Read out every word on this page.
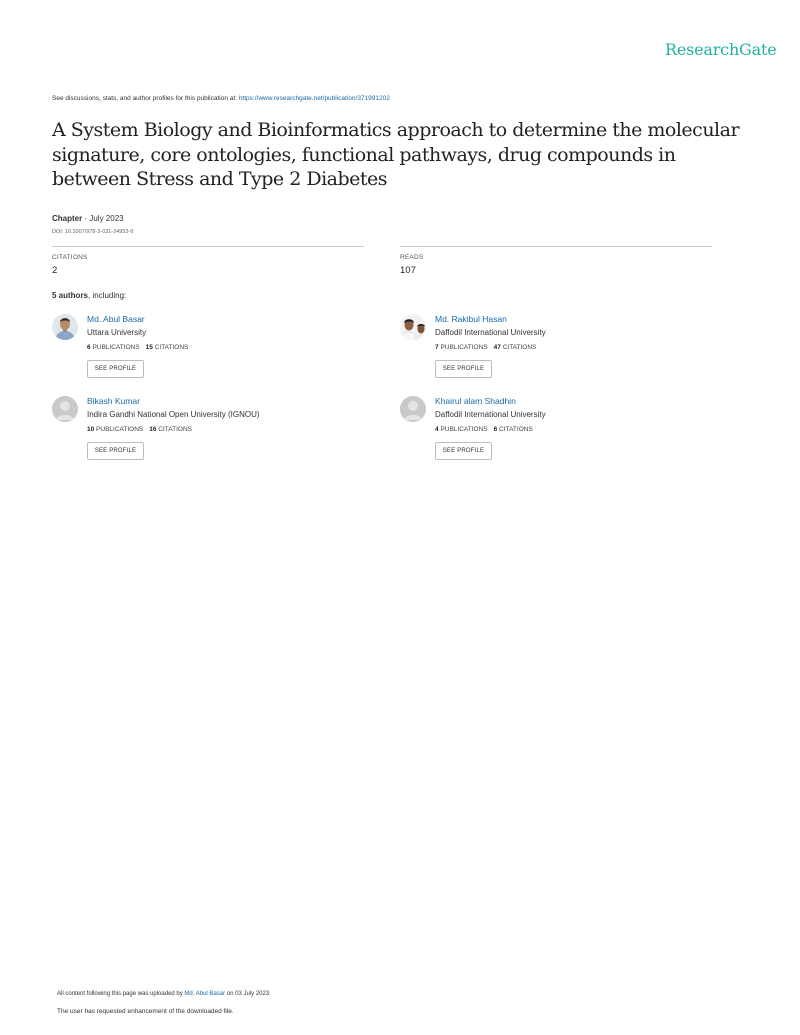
ResearchGate
See discussions, stats, and author profiles for this publication at: https://www.researchgate.net/publication/371991202
A System Biology and Bioinformatics approach to determine the molecular signature, core ontologies, functional pathways, drug compounds in between Stress and Type 2 Diabetes
Chapter · July 2023
DOI: 10.1007/978-3-031-34953-9
CITATIONS
2
READS
107
5 authors, including:
Md. Abul Basar
Uttara University
6 PUBLICATIONS 15 CITATIONS
SEE PROFILE
Md. Rakibul Hasan
Daffodil International University
7 PUBLICATIONS 47 CITATIONS
SEE PROFILE
Bikash Kumar
Indira Gandhi National Open University (IGNOU)
10 PUBLICATIONS 16 CITATIONS
SEE PROFILE
Khairul alam Shadhin
Daffodil International University
4 PUBLICATIONS 6 CITATIONS
SEE PROFILE
All content following this page was uploaded by Md. Abul Basar on 03 July 2023.
The user has requested enhancement of the downloaded file.
